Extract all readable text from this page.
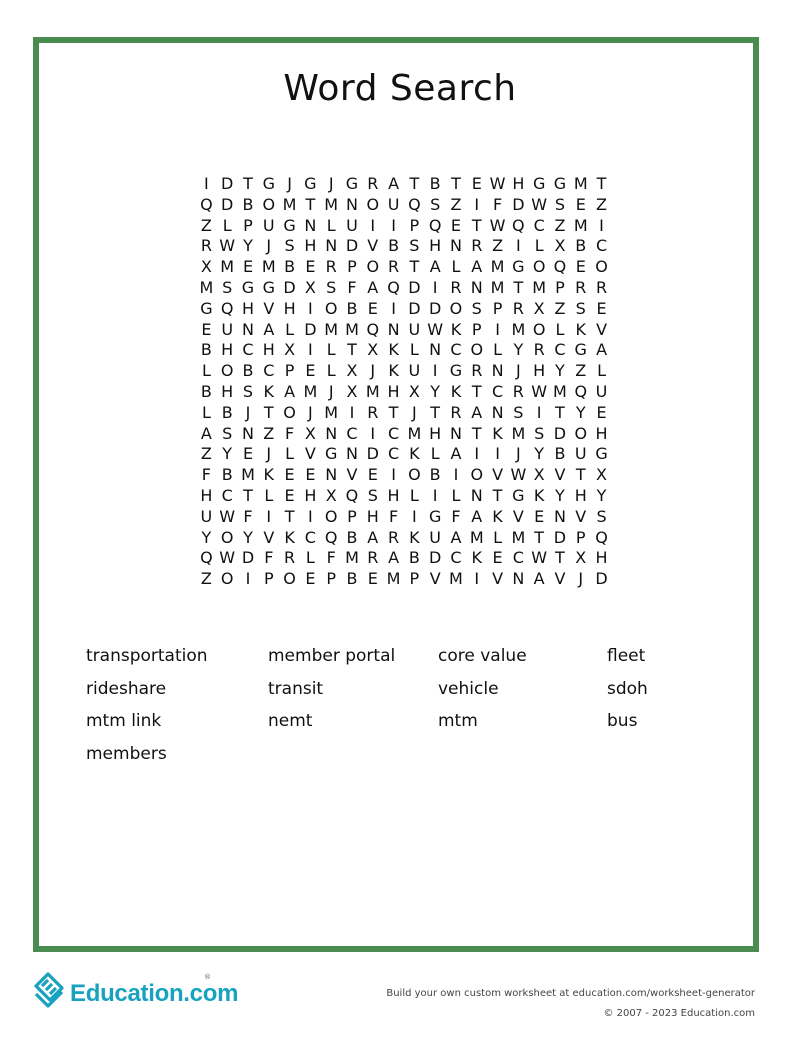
Word Search
I D T G J G J G R A T B T E W H G G M T
Q D B O M T M N O U Q S Z I F D W S E Z
Z L P U G N L U I	I P Q E T W Q C Z M I
R W Y J S H N D V B S H N R Z I L X B C
X M E M B E R P O R T A L A M G O Q E O
M S G G D X S F A Q D I R N M T M P R R
G Q H V H I O B E I D D O S P R X Z S E
E U N A L D M M Q N U W K P I M O L K V
B H C H X I L T X K L N C O L Y R C G A
L O B C P E L X J K U I G R N J H Y Z L
B H S K A M J X M H X Y K T C R W M Q U
L B J T O J M I R T J T R A N S I T Y E
A S N Z F X N C I C M H N T K M S D O H
Z Y E J L V G N D C K L A I	I	J Y B U G
F B M K E E N V E I O B I O V W X V T X
H C T L E H X Q S H L I L N T G K Y H Y
U W F I T I O P H F I G F A K V E N V S
Y O Y V K C Q B A R K U A M L M T D P Q
Q W D F R L F M R A B D C K E C W T X H
Z O I P O E P B E M P V M I V N A V J D
transportation	member portal	core value	fleet
rideshare	transit	vehicle	sdoh
mtm link	nemt	mtm	bus
members
Education.com
®
Build your own custom worksheet at education.com/worksheet-generator
© 2007 - 2023 Education.com
